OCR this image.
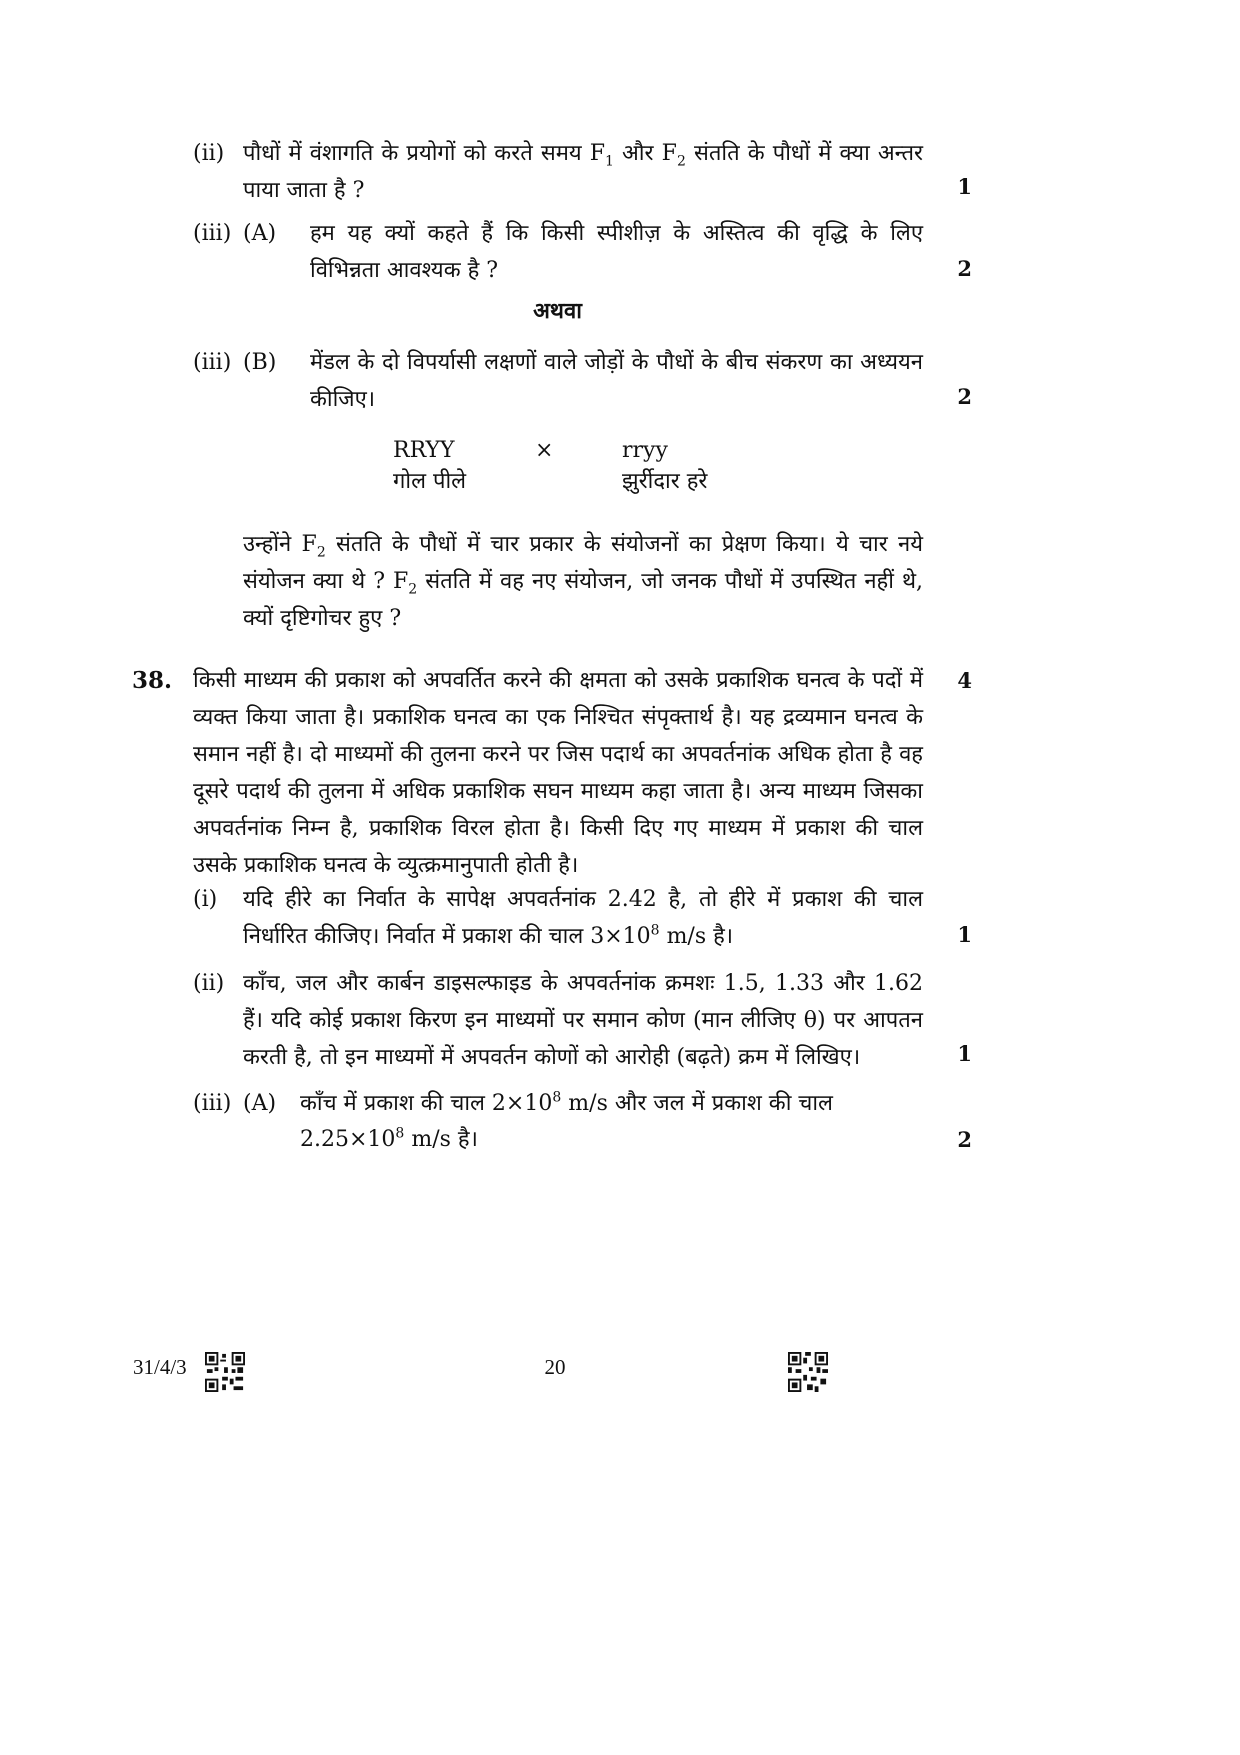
(ii) पौधों में वंशागति के प्रयोगों को करते समय $F_1$ और $F_2$ संतति के पौधों में क्या अन्तर पाया जाता है ?	1
(iii) (A) हम यह क्यों कहते हैं कि किसी स्पीशीज़ के अस्तित्व की वृद्धि के लिए विभिन्नता आवश्यक है ?	2
अथवा
(iii) (B) मेंडल के दो विपर्यासी लक्षणों वाले जोड़ों के पौधों के बीच संकरण का अध्ययन कीजिए।	2
RRYY	×	rryy
गोल पीले	झुर्रीदार हरे
उन्होंने $F_2$ संतति के पौधों में चार प्रकार के संयोजनों का प्रेक्षण किया। ये चार नये संयोजन क्या थे ? $F_2$ संतति में वह नए संयोजन, जो जनक पौधों में उपस्थित नहीं थे, क्यों दृष्टिगोचर हुए ?
38. किसी माध्यम की प्रकाश को अपवर्तित करने की क्षमता को उसके प्रकाशिक घनत्व के पदों में व्यक्त किया जाता है। प्रकाशिक घनत्व का एक निश्चित संपृक्तार्थ है। यह द्रव्यमान घनत्व के समान नहीं है। दो माध्यमों की तुलना करने पर जिस पदार्थ का अपवर्तनांक अधिक होता है वह दूसरे पदार्थ की तुलना में अधिक प्रकाशिक सघन माध्यम कहा जाता है। अन्य माध्यम जिसका अपवर्तनांक निम्न है, प्रकाशिक विरल होता है। किसी दिए गए माध्यम में प्रकाश की चाल उसके प्रकाशिक घनत्व के व्युत्क्रमानुपाती होती है।
4
(i) यदि हीरे का निर्वात के सापेक्ष अपवर्तनांक 2.42 है, तो हीरे में प्रकाश की चाल निर्धारित कीजिए। निर्वात में प्रकाश की चाल $3\times 10^8$ m/s है।	1
(ii) काँच, जल और कार्बन डाइसल्फाइड के अपवर्तनांक क्रमशः 1.5, 1.33 और 1.62 हैं। यदि कोई प्रकाश किरण इन माध्यमों पर समान कोण (मान लीजिए θ) पर आपतन करती है, तो इन माध्यमों में अपवर्तन कोणों को आरोही (बढ़ते) क्रम में लिखिए।	1
(iii) (A) काँच में प्रकाश की चाल $2\times 10^8$ m/s और जल में प्रकाश की चाल
$2.25\times 10^8$ m/s है।	2
31/4/3	20
